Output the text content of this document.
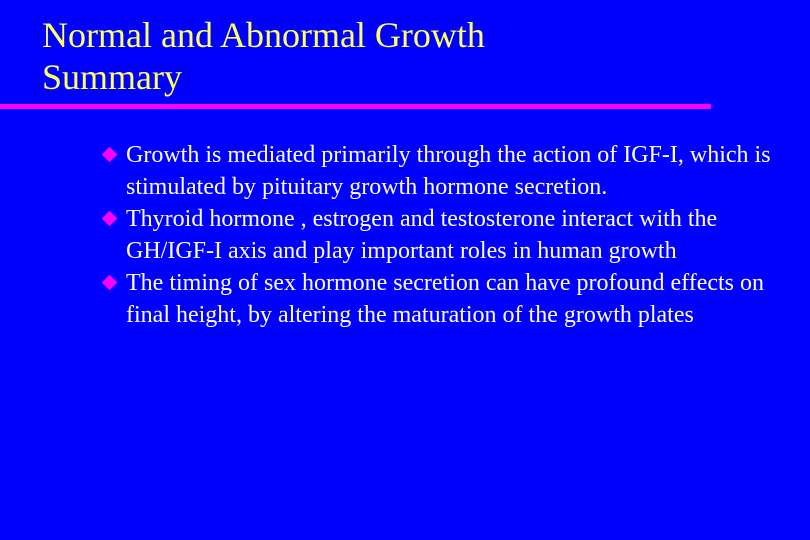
Normal and Abnormal Growth
Summary
Growth is mediated primarily through the action of IGF-I, which is stimulated by pituitary growth hormone secretion.
Thyroid hormone , estrogen and testosterone interact with the GH/IGF-I axis and play important roles in human growth
The timing of sex hormone secretion can have profound effects on final height, by altering the maturation of the growth plates
